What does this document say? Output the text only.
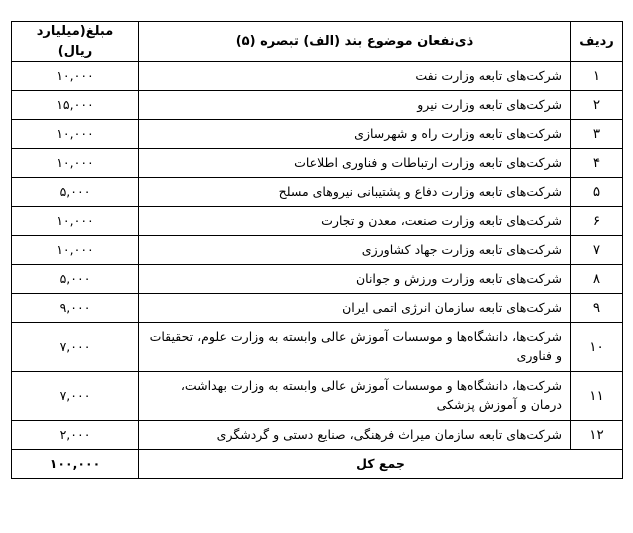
ردیف	ذی‌نفعان موضوع بند (الف) تبصره (۵)	مبلغ(میلیارد ریال)
۱	شرکت‌های تابعه وزارت نفت	۱۰,۰۰۰
۲	شرکت‌های تابعه وزارت نیرو	۱۵,۰۰۰
۳	شرکت‌های تابعه وزارت راه و شهرسازی	۱۰,۰۰۰
۴	شرکت‌های تابعه وزارت ارتباطات و فناوری اطلاعات	۱۰,۰۰۰
۵	شرکت‌های تابعه وزارت دفاع و پشتیبانی نیروهای مسلح	۵,۰۰۰
۶	شرکت‌های تابعه وزارت صنعت، معدن و تجارت	۱۰,۰۰۰
۷	شرکت‌های تابعه وزارت جهاد کشاورزی	۱۰,۰۰۰
۸	شرکت‌های تابعه وزارت ورزش و جوانان	۵,۰۰۰
۹	شرکت‌های تابعه سازمان انرژی اتمی ایران	۹,۰۰۰
۱۰	شرکت‌ها، دانشگاه‌ها و موسسات آموزش عالی وابسته به وزارت علوم، تحقیقات و فناوری	۷,۰۰۰
۱۱	شرکت‌ها، دانشگاه‌ها و موسسات آموزش عالی وابسته به وزارت بهداشت، درمان و آموزش پزشکی	۷,۰۰۰
۱۲	شرکت‌های تابعه سازمان میراث فرهنگی، صنایع دستی و گردشگری	۲,۰۰۰
جمع کل		۱۰۰,۰۰۰
